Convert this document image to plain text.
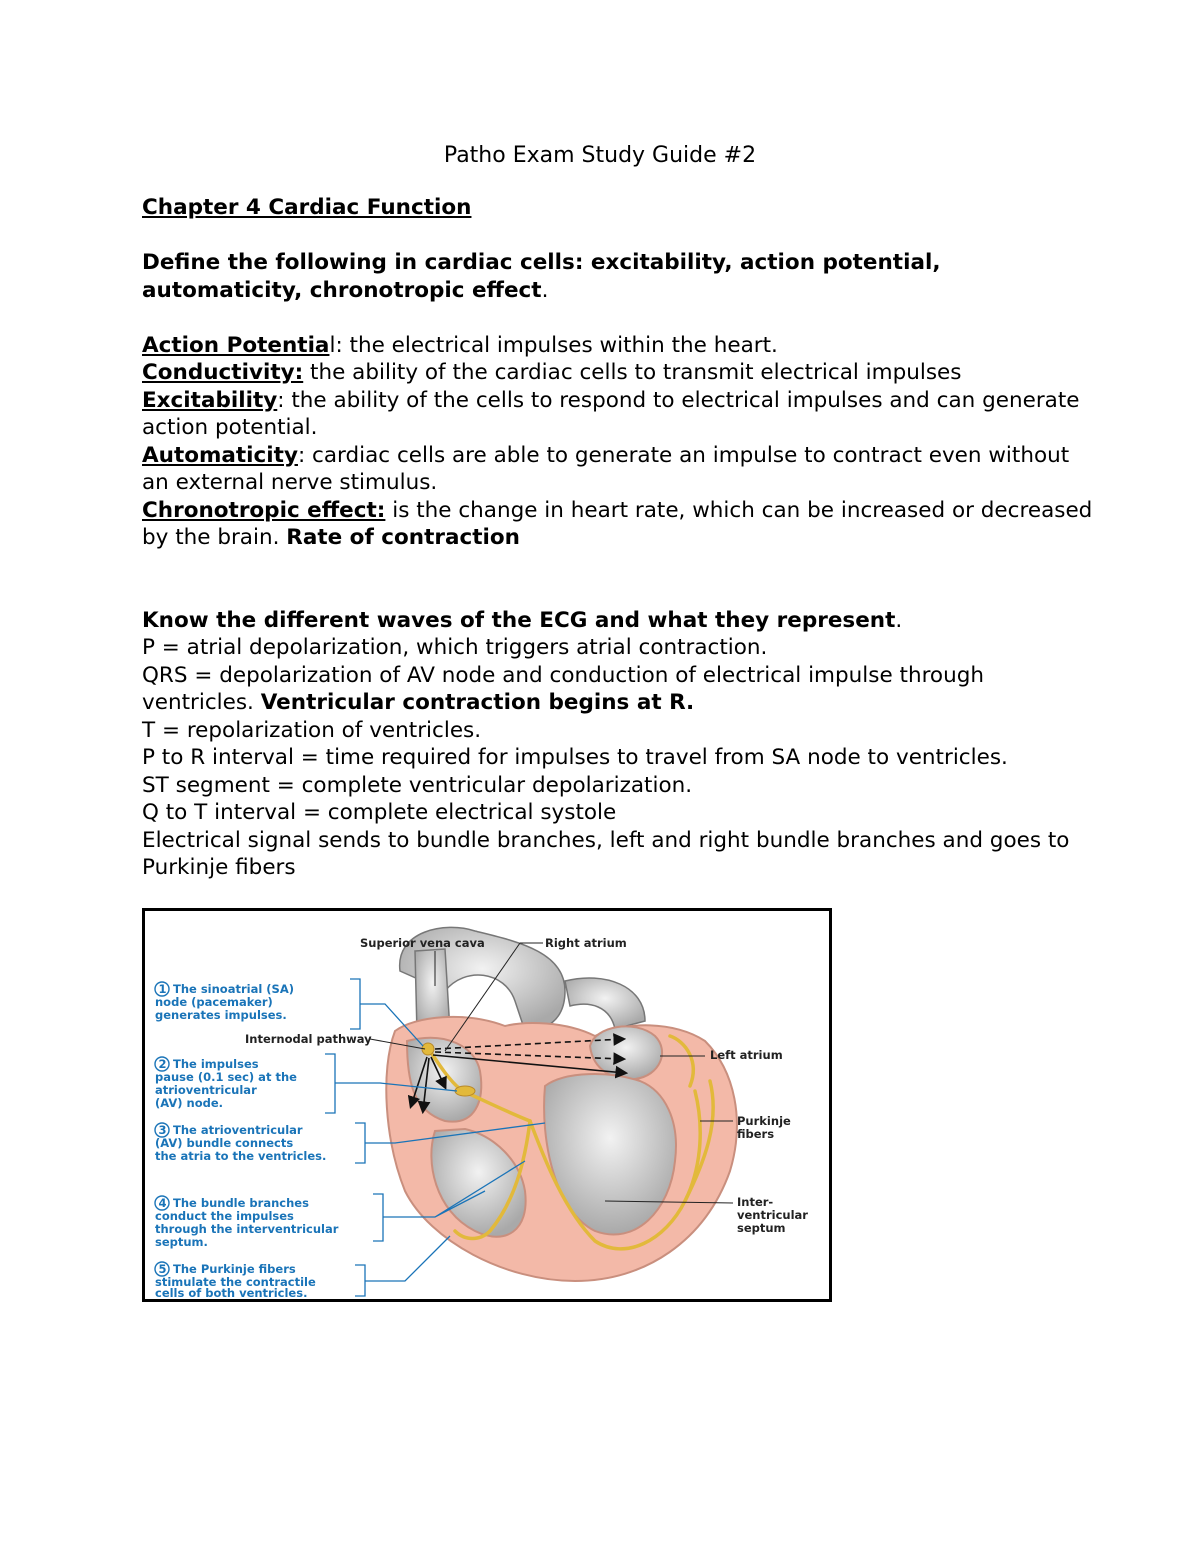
Patho Exam Study Guide #2

Chapter 4 Cardiac Function

Define the following in cardiac cells: excitability, action potential, automaticity, chronotropic effect.

Action Potential: the electrical impulses within the heart.

Conductivity: the ability of the cardiac cells to transmit electrical impulses

Excitability: the ability of the cells to respond to electrical impulses and can generate action potential.

Automaticity: cardiac cells are able to generate an impulse to contract even without an external nerve stimulus.

Chronotropic effect: is the change in heart rate, which can be increased or decreased by the brain. Rate of contraction

Know the different waves of the ECG and what they represent.

P = atrial depolarization, which triggers atrial contraction.

QRS = depolarization of AV node and conduction of electrical impulse through ventricles. Ventricular contraction begins at R.

T = repolarization of ventricles.

P to R interval = time required for impulses to travel from SA node to ventricles.

ST segment = complete ventricular depolarization.

Q to T interval = complete electrical systole

Electrical signal sends to bundle branches, left and right bundle branches and goes to Purkinje fibers

Superior vena cava	Right atrium
Internodal pathway
Left atrium
Purkinje
fibers
Inter-
ventricular
septum
1 The sinoatrial (SA)
node (pacemaker)
generates impulses.
2 The impulses
pause (0.1 sec) at the
atrioventricular
(AV) node.
3 The atrioventricular
(AV) bundle connects
the atria to the ventricles.
4 The bundle branches
conduct the impulses
through the interventricular
septum.
5 The Purkinje fibers
stimulate the contractile
cells of both ventricles.
